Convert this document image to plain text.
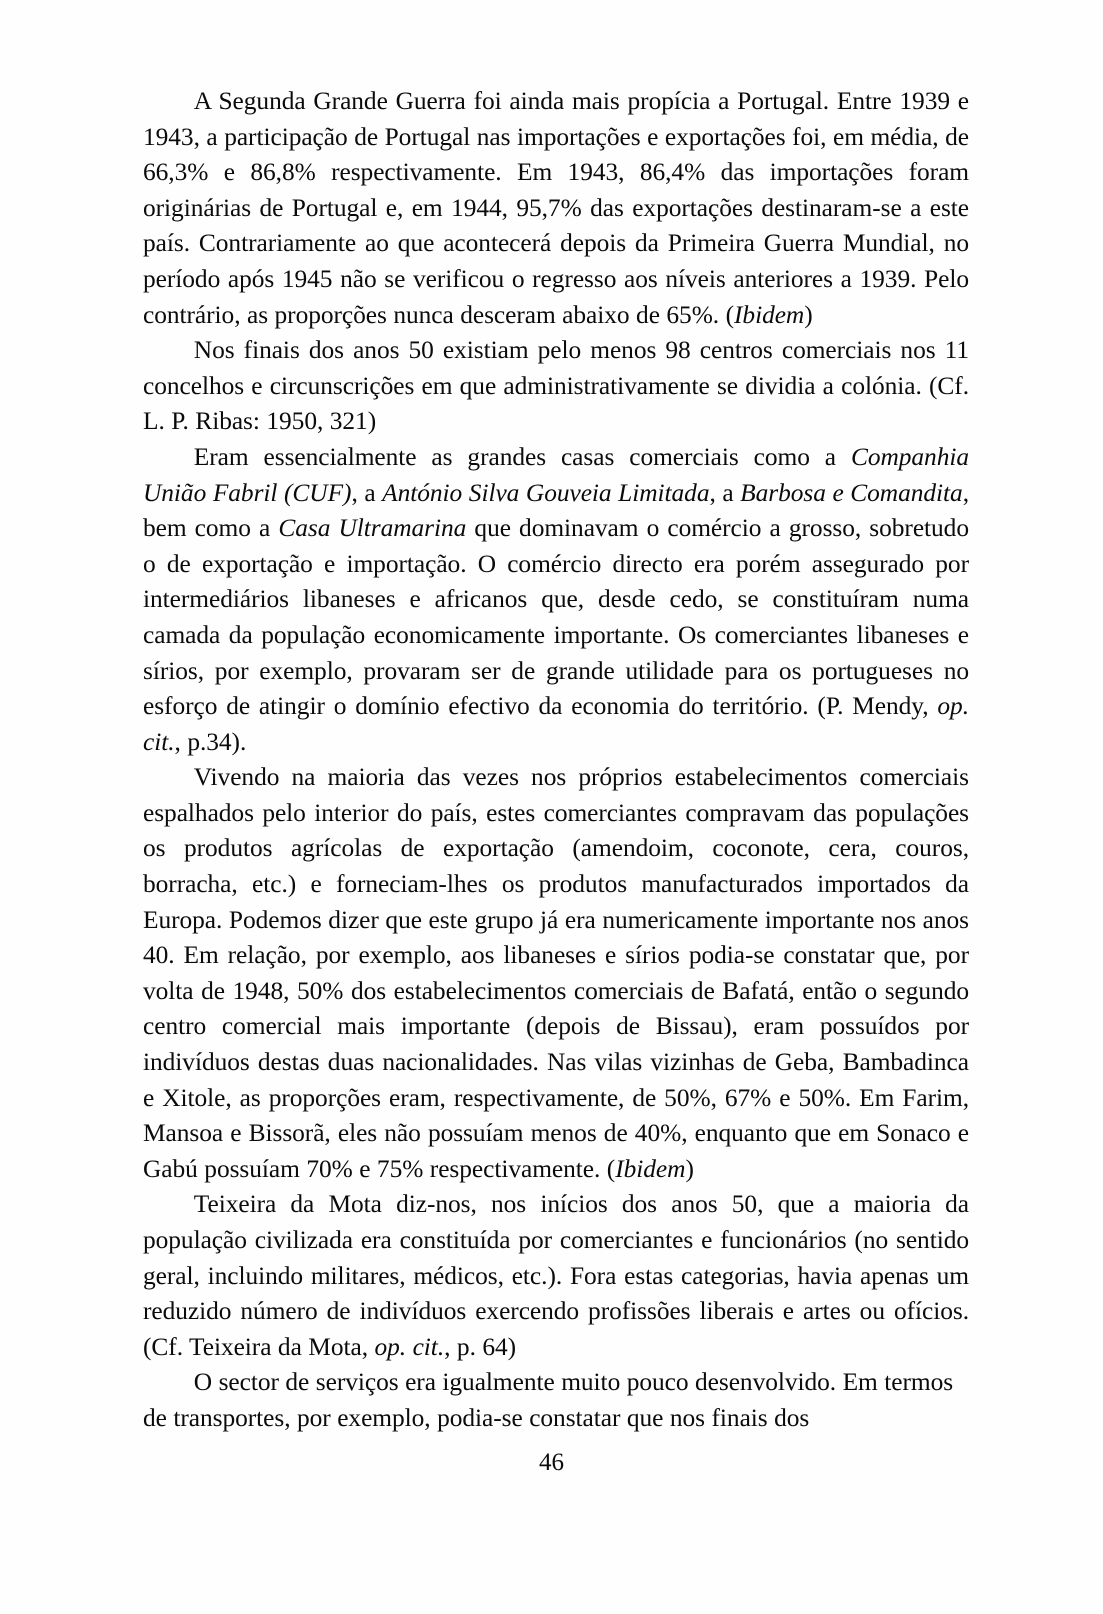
A Segunda Grande Guerra foi ainda mais propícia a Portugal. Entre 1939 e 1943, a participação de Portugal nas importações e exportações foi, em média, de 66,3% e 86,8% respectivamente. Em 1943, 86,4% das importações foram originárias de Portugal e, em 1944, 95,7% das exportações destinaram-se a este país. Contrariamente ao que acontecerá depois da Primeira Guerra Mundial, no período após 1945 não se verificou o regresso aos níveis anteriores a 1939. Pelo contrário, as proporções nunca desceram abaixo de 65%. (Ibidem)

Nos finais dos anos 50 existiam pelo menos 98 centros comerciais nos 11 concelhos e circunscrições em que administrativamente se dividia a colónia. (Cf. L. P. Ribas: 1950, 321)

Eram essencialmente as grandes casas comerciais como a Companhia União Fabril (CUF), a António Silva Gouveia Limitada, a Barbosa e Comandita, bem como a Casa Ultramarina que dominavam o comércio a grosso, sobretudo o de exportação e importação. O comércio directo era porém assegurado por intermediários libaneses e africanos que, desde cedo, se constituíram numa camada da população economicamente importante. Os comerciantes libaneses e sírios, por exemplo, provaram ser de grande utilidade para os portugueses no esforço de atingir o domínio efectivo da economia do território. (P. Mendy, op. cit., p.34).

Vivendo na maioria das vezes nos próprios estabelecimentos comerciais espalhados pelo interior do país, estes comerciantes compravam das populações os produtos agrícolas de exportação (amendoim, coconote, cera, couros, borracha, etc.) e forneciam-lhes os produtos manufacturados importados da Europa. Podemos dizer que este grupo já era numericamente importante nos anos 40. Em relação, por exemplo, aos libaneses e sírios podia-se constatar que, por volta de 1948, 50% dos estabelecimentos comerciais de Bafatá, então o segundo centro comercial mais importante (depois de Bissau), eram possuídos por indivíduos destas duas nacionalidades. Nas vilas vizinhas de Geba, Bambadinca e Xitole, as proporções eram, respectivamente, de 50%, 67% e 50%. Em Farim, Mansoa e Bissorã, eles não possuíam menos de 40%, enquanto que em Sonaco e Gabú possuíam 70% e 75% respectivamente. (Ibidem)

Teixeira da Mota diz-nos, nos inícios dos anos 50, que a maioria da população civilizada era constituída por comerciantes e funcionários (no sentido geral, incluindo militares, médicos, etc.). Fora estas categorias, havia apenas um reduzido número de indivíduos exercendo profissões liberais e artes ou ofícios. (Cf. Teixeira da Mota, op. cit., p. 64)

O sector de serviços era igualmente muito pouco desenvolvido. Em termos de transportes, por exemplo, podia-se constatar que nos finais dos

46
